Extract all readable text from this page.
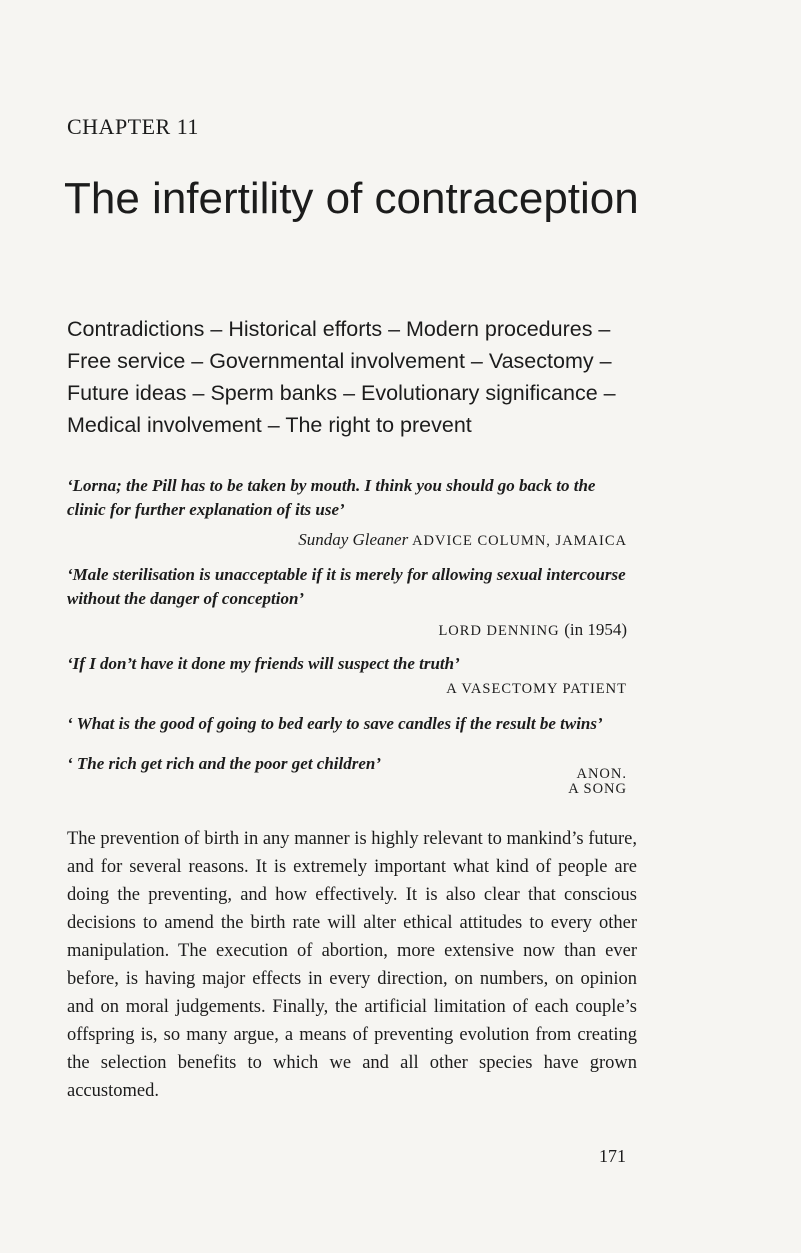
CHAPTER 11
The infertility of contraception
Contradictions – Historical efforts – Modern procedures – Free service – Governmental involvement – Vasectomy – Future ideas – Sperm banks – Evolutionary significance – Medical involvement – The right to prevent
‘Lorna; the Pill has to be taken by mouth. I think you should go back to the clinic for further explanation of its use’
Sunday Gleaner ADVICE COLUMN, JAMAICA
‘Male sterilisation is unacceptable if it is merely for allowing sexual intercourse without the danger of conception’
LORD DENNING (in 1954)
‘If I don’t have it done my friends will suspect the truth’
A VASECTOMY PATIENT
‘ What is the good of going to bed early to save candles if the result be twins’
ANON.
‘ The rich get rich and the poor get children’
A SONG

The prevention of birth in any manner is highly relevant to mankind’s future, and for several reasons. It is extremely important what kind of people are doing the preventing, and how effectively. It is also clear that conscious decisions to amend the birth rate will alter ethical attitudes to every other manipulation. The execution of abortion, more extensive now than ever before, is having major effects in every direction, on numbers, on opinion and on moral judgements. Finally, the artificial limitation of each couple’s offspring is, so many argue, a means of preventing evolution from creating the selection benefits to which we and all other species have grown accustomed.

171
